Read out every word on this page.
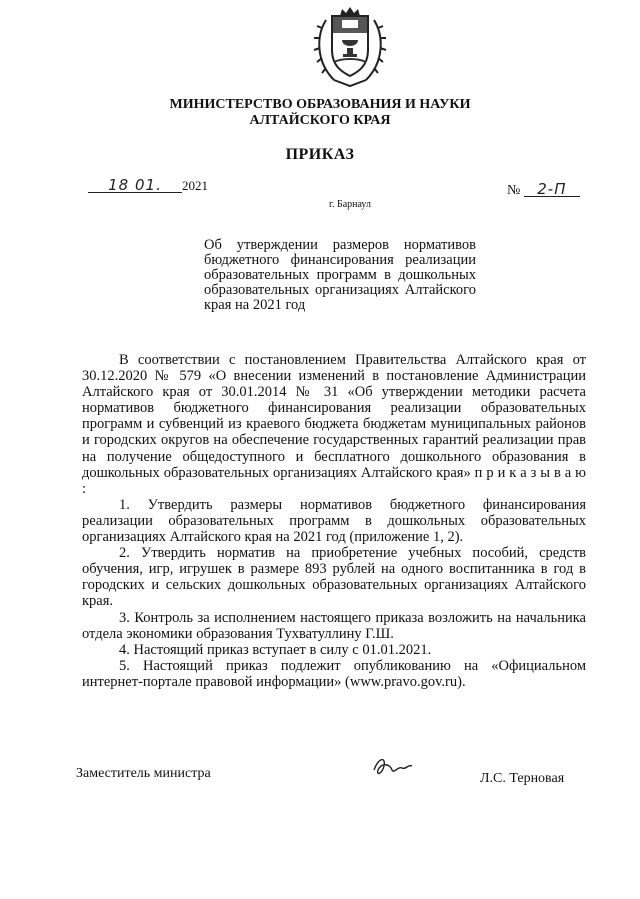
МИНИСТЕРСТВО ОБРАЗОВАНИЯ И НАУКИ
АЛТАЙСКОГО КРАЯ
ПРИКАЗ
18 01. 2021
г. Барнаул
№ 2-П
Об утверждении размеров нормативов бюджетного финансирования реализации образовательных программ в дошкольных образовательных организациях Алтайского края на 2021 год

В соответствии с постановлением Правительства Алтайского края от 30.12.2020 № 579 «О внесении изменений в постановление Администрации Алтайского края от 30.01.2014 № 31 «Об утверждении методики расчета нормативов бюджетного финансирования реализации образовательных программ и субвенций из краевого бюджета бюджетам муниципальных районов и городских округов на обеспечение государственных гарантий реализации прав на получение общедоступного и бесплатного дошкольного образования в дошкольных образовательных организациях Алтайского края» п р и к а з ы в а ю :

1. Утвердить размеры нормативов бюджетного финансирования реализации образовательных программ в дошкольных образовательных организациях Алтайского края на 2021 год (приложение 1, 2).

2. Утвердить норматив на приобретение учебных пособий, средств обучения, игр, игрушек в размере 893 рублей на одного воспитанника в год в городских и сельских дошкольных образовательных организациях Алтайского края.

3. Контроль за исполнением настоящего приказа возложить на начальника отдела экономики образования Тухватуллину Г.Ш.

4. Настоящий приказ вступает в силу с 01.01.2021.

5. Настоящий приказ подлежит опубликованию на «Официальном интернет-портале правовой информации» (www.pravo.gov.ru).

Заместитель министра	Л.С. Терновая
